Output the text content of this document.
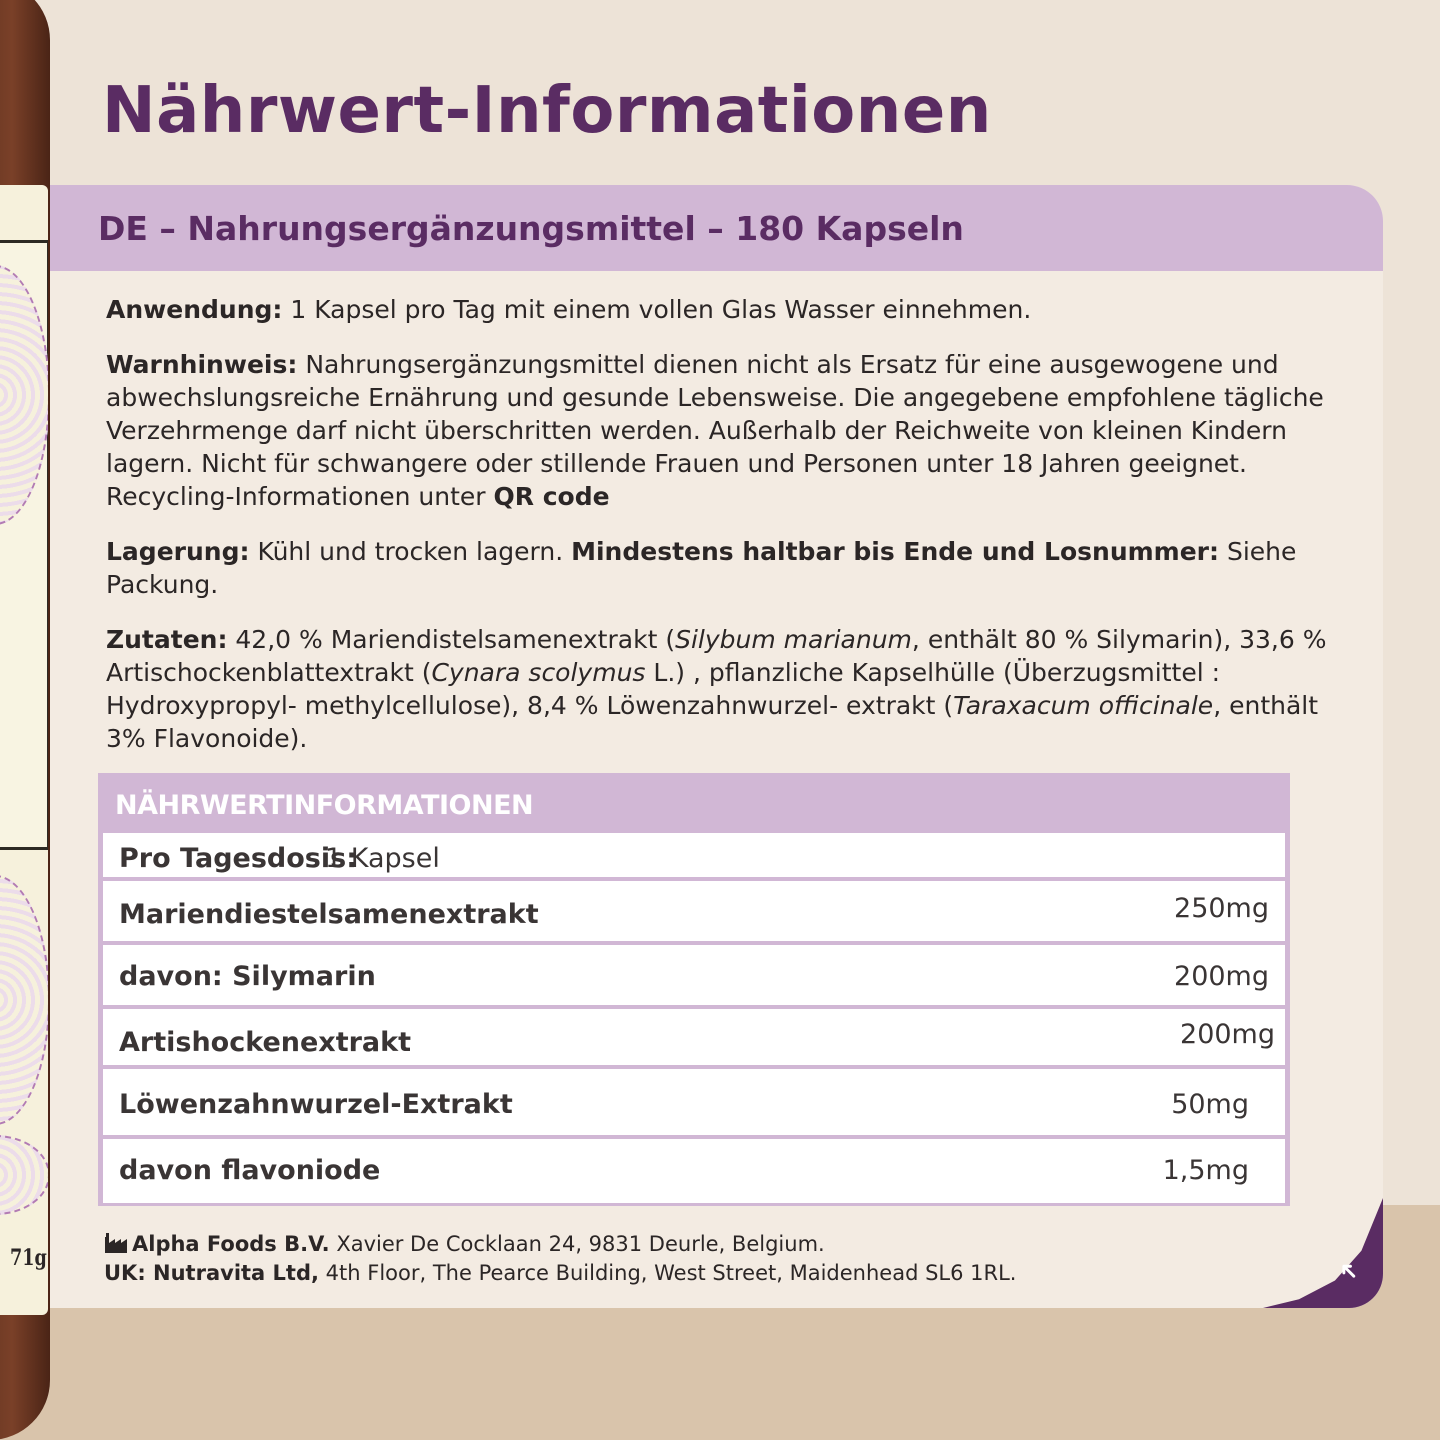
71g
Nährwert-Informationen
DE – Nahrungsergänzungsmittel – 180 Kapseln

Anwendung: 1 Kapsel pro Tag mit einem vollen Glas Wasser einnehmen.

Warnhinweis: Nahrungsergänzungsmittel dienen nicht als Ersatz für eine ausgewogene und abwechslungsreiche Ernährung und gesunde Lebensweise. Die angegebene empfohlene tägliche Verzehrmenge darf nicht überschritten werden. Außerhalb der Reichweite von kleinen Kindern lagern. Nicht für schwangere oder stillende Frauen und Personen unter 18 Jahren geeignet. Recycling-Informationen unter QR code

Lagerung: Kühl und trocken lagern. Mindestens haltbar bis Ende und Losnummer: Siehe Packung.

Zutaten: 42,0 % Mariendistelsamenextrakt (Silybum marianum, enthält 80 % Silymarin), 33,6 % Artischockenblattextrakt (Cynara scolymus L.) , pflanzliche Kapselhülle (Überzugsmittel : Hydroxypropyl- methylcellulose), 8,4 % Löwenzahnwurzel- extrakt (Taraxacum officinale, enthält 3% Flavonoide).

NÄHRWERTINFORMATIONEN
Pro Tagesdosis:
1 Kapsel
Mariendiestelsamenextrakt	250mg
davon: Silymarin	200mg
Artishockenextrakt	200mg
Löwenzahnwurzel-Extrakt	50mg
davon flavoniode	1,5mg
Alpha Foods B.V. Xavier De Cocklaan 24, 9831 Deurle, Belgium.
UK: Nutravita Ltd, 4th Floor, The Pearce Building, West Street, Maidenhead SL6 1RL.	➜
